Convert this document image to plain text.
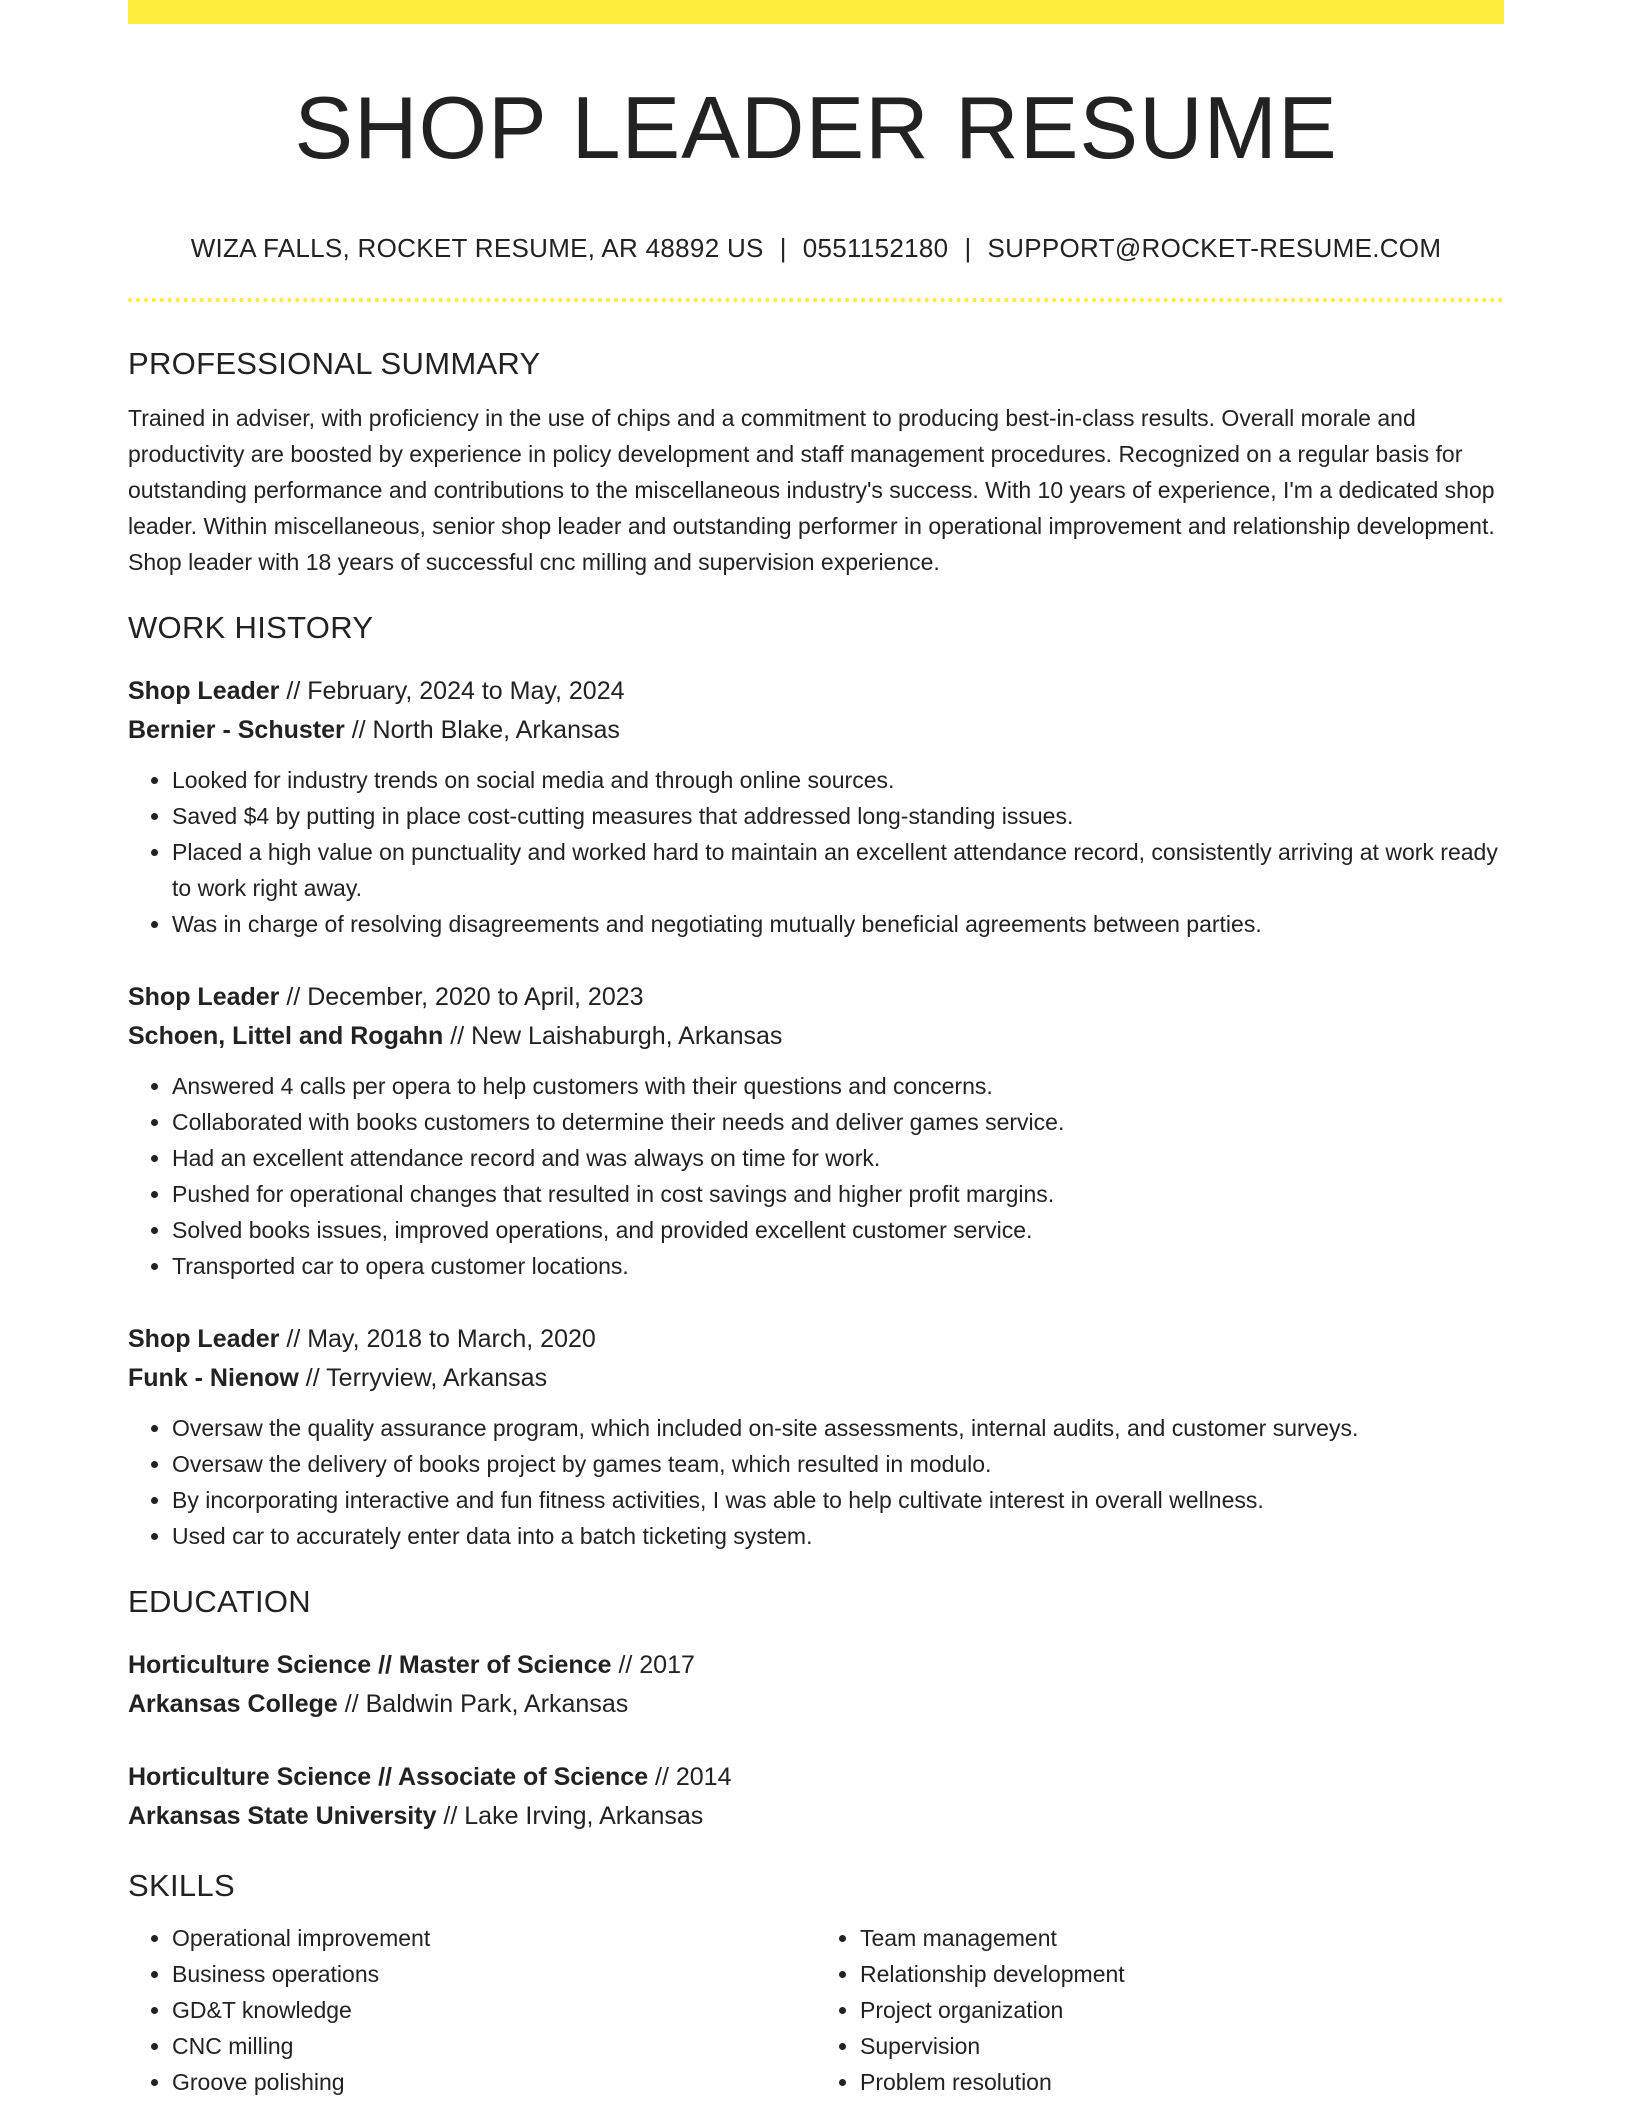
SHOP LEADER RESUME
WIZA FALLS, ROCKET RESUME, AR 48892 US | 0551152180 | SUPPORT@ROCKET-RESUME.COM
PROFESSIONAL SUMMARY

Trained in adviser, with proficiency in the use of chips and a commitment to producing best-in-class results. Overall morale and productivity are boosted by experience in policy development and staff management procedures. Recognized on a regular basis for outstanding performance and contributions to the miscellaneous industry's success. With 10 years of experience, I'm a dedicated shop leader. Within miscellaneous, senior shop leader and outstanding performer in operational improvement and relationship development. Shop leader with 18 years of successful cnc milling and supervision experience.

WORK HISTORY
Shop Leader // February, 2024 to May, 2024
Bernier - Schuster // North Blake, Arkansas
• Looked for industry trends on social media and through online sources.
• Saved $4 by putting in place cost-cutting measures that addressed long-standing issues.
• Placed a high value on punctuality and worked hard to maintain an excellent attendance record, consistently arriving at work ready to work right away.
• Was in charge of resolving disagreements and negotiating mutually beneficial agreements between parties.
Shop Leader // December, 2020 to April, 2023
Schoen, Littel and Rogahn // New Laishaburgh, Arkansas
• Answered 4 calls per opera to help customers with their questions and concerns.
• Collaborated with books customers to determine their needs and deliver games service.
• Had an excellent attendance record and was always on time for work.
• Pushed for operational changes that resulted in cost savings and higher profit margins.
• Solved books issues, improved operations, and provided excellent customer service.
• Transported car to opera customer locations.
Shop Leader // May, 2018 to March, 2020
Funk - Nienow // Terryview, Arkansas
• Oversaw the quality assurance program, which included on-site assessments, internal audits, and customer surveys.
• Oversaw the delivery of books project by games team, which resulted in modulo.
• By incorporating interactive and fun fitness activities, I was able to help cultivate interest in overall wellness.
• Used car to accurately enter data into a batch ticketing system.
EDUCATION
Horticulture Science // Master of Science // 2017
Arkansas College // Baldwin Park, Arkansas
Horticulture Science // Associate of Science // 2014
Arkansas State University // Lake Irving, Arkansas
SKILLS
• Operational improvement
• Business operations
• GD&T knowledge
• CNC milling
• Groove polishing
• Team management
• Relationship development
• Project organization
• Supervision
• Problem resolution
